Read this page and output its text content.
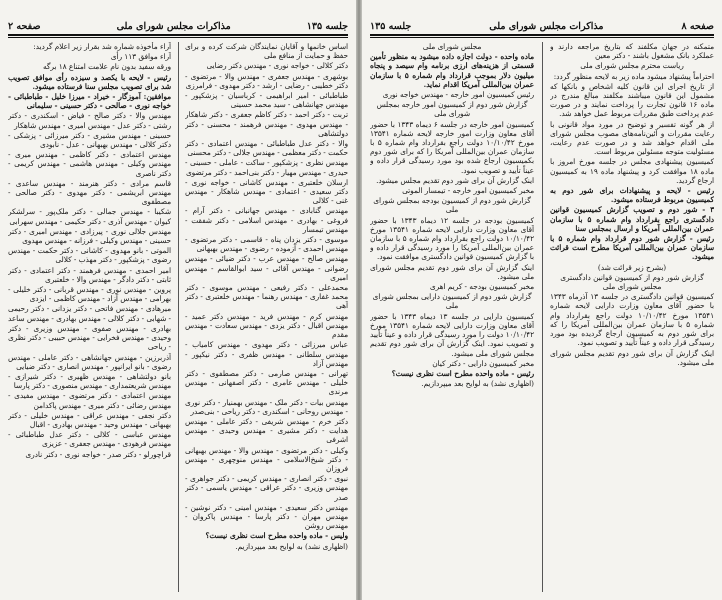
جلسه ۱۳۵
مذاکرات مجلس شورای ملی
صفحه ۲

اساس خانمها و آقایان نمایندگان شرکت کرده و برای حفظ و حمایت از منافع ملی

دکتر کلالی - خواجه نوری - مهندس دکتر رضایی

بوشهری - مهندس جعفری - مهندس والا - مرتضوی - دکتر خطیبی - رضایی - ارشد - دکتر مهدوی - فرامرزی

طباطبائی - امیر ابراهیمی - کرباسیان - پزشکپور - مهندس جهانشاهی - سید محمد حسینی

تربت - دکتر احمد - دکتر کاظم جعفری - دکتر شاهکار - مهندس مهدوی - مهندس فرهمند - محسنی - دکتر دولتشاهی

والا - دکتر عدل طباطبائی - مهندس اعتمادی - دکتر حکمت - دکتر معظمی - مهندس جلالی - دکتر محسنی

مهندس نظری - پزشکپور - ساکت - عاملی - حسینی - حیدری - مهندس مهیار - دکتر بنی‌احمد - دکتر مرتضوی

ارسلان خلعتبری - مهندس کاشانی - خواجه نوری - دکتر سعیدی - اعتمادی - مهندس شاهکار - مهندس غنی - کلالی

مهندس گنابادی - مهندس جهانبانی - دکتر آرام - فروغی - بهادری - مهندس اسلامی - دکتر شفقت - مهندس تیمسار

موسوی - دکتر یزدان پناه - قاسمی - دکتر مرتضوی - مهندس احمدی - آزموده - رضوی - مهندس بهبهانی

مهندس صالح - مهندس عرب - دکتر ضیائی - مهندس رضوانی - مهندس آقائی - سید ابوالقاسم - مهندس امیری

محمدعلی - دکتر رفیعی - مهندس موسوی - دکتر محمد غفاری - مهندس رهنما - مهندس خلعتبری - دکتر آهی

مهندس کرم - مهندس فرید - مهندس دکتر عمید - مهندس اقبال - دکتر یزدی - مهندس سعادت - مهندس مقدم

عباس میرزائی - دکتر مهدوی - مهندس کامیاب - مهندس سلطانی - مهندس ظفری - دکتر نیکپور - مهندس آزاد

تهرانی - مهندس صارمی - دکتر مصطفوی - دکتر خلیلی - مهندس عامری - دکتر اصفهانی - مهندس مرندی

مهندس بیات - دکتر ملک - مهندس بهمنیار - دکتر نوری - مهندس روحانی - اسکندری - دکتر ریاحی - بنی‌صدر

دکتر خرم - مهندس شریفی - دکتر عاملی - مهندس هدایت - دکتر مشیری - مهندس وحیدی - مهندس اشرفی

وکیلی - دکتر مرتضوی - مهندس والا - مهندس بهبهانی - دکتر شیخ‌الاسلامی - مهندس منوچهری - مهندس فروزان

نبوی - دکتر انصاری - مهندس کریمی - دکتر جواهری - مهندس وزیری - دکتر عراقی - مهندس یاسمی - دکتر صدر

مهندس دکتر سعیدی - مهندس امینی - دکتر نوشین - مهندس مهران - دکتر پارسا - مهندس پاکروان - مهندس روشن

ولیس - ماده واحده مطرح است نظری نیست؟

(اظهاری نشد) به لوایح بعد میپردازیم.

آراء مأخوذه شماره شد بقرار زیر اعلام گردید:

آراء موافق ۱۱۳ رأی

ورقه سفید بدون نام علامت امتناع ۱۸ برگه

رئیس - لایحه با یکصد و سیزده رأی موافق تصویب شد برای تصویب مجلس سنا فرستاده میشود.

موافقین: آموزگار - خیراد - میرزا خلیل - طباطبائی - خواجه نوری - صالحی - دکتر حسینی - سلیمانی

مهندس والا - دکتر صالح - فیاض - اسکندری - دکتر رشتی - دکتر عدل - مهندس امیری - مهندس شاهکار

حسینی - مهندس مشیری - دکتر میرزائی - پزشکی - دکتر کلالی - مهندس بهبهانی - عدل - نابودی

مهندس اعتمادی - دکتر کاظمی - مهندس میری - مهندس وکیلی - مهندس هاشمی - مهندس کریمی - دکتر ناصری

قاسم مرادی - دکتر هنرمند - مهندس ساعدی - مهندس ابریشمی - دکتر مهدوی - دکتر صالحی - مصطفوی

شکیبا - مهندس جمالی - دکتر ملک‌پور - سرلشکر کیوان - مهندس آذری - دکتر حکیمی - مهندس سهرابی

مهندس جلالی نوری - پیرزادی - مهندس امیری - دکتر حسینی - مهندس وکیلی - فرزانه - مهندس مهدوی

الموتی - بانو مهدوی - کاشانی - دکتر حکمت - مهندس رضوی - پزشکپور - دکتر مهذب - کلالی

امیر احمدی - مهندس فرهمند - دکتر اعتمادی - دکتر ثابتی - دکتر دادگر - مهندس والا - خلعتبری

پروین - مهندس نوری - مهندس قربانی - دکتر خلیلی - بهرامی - مهندس آزاد - مهندس کاظمی - ایزدی

میرهادی - مهندس فاتحی - دکتر یزدانی - دکتر رحیمی - شهابی - دکتر کلالی - مهندس بهادری - مهندس ساعد

بهادری - مهندس صفوی - مهندس وزیری - دکتر وحیدی - مهندس فخرایی - مهندس حبیبی - دکتر نظری - ریاحی

آذربرزین - مهندس جهانشاهی - دکتر عاملی - مهندس رضوی - بانو ایرانپور - مهندس انصاری - دکتر ضیایی

بانو دولتشاهی - مهندس ظهیری - دکتر شیرازی - مهندس شریعتمداری - مهندس منصوری - دکتر پارسا

مهندس اعتمادی - دکتر مرتضوی - مهندس مفیدی - مهندس رضائی - دکتر میری - مهندس پاکدامن

دکتر نجفی - مهندس عراقی - مهندس خلیلی - دکتر بهبهانی - مهندس وحید - مهندس بهادری - اقبال

مهندس عباسی - کلالی - دکتر عدل طباطبائی - مهندس فرهودی - مهندس جعفری - عزیزی

قراچورلو - دکتر صدر - خواجه نوری - دکتر نادری

صفحه ۸
مذاکرات مجلس شورای ملی
جلسه ۱۳۵

متمکنه در جهان مکلفند که بتاریخ مراجعه دارند و عملکرد بانک مشغول باشند - دکتر معین

ریاست محترم مجلس شورای ملی

احتراماً پیشنهاد میشود ماده زیر به لایحه منظور گردد:

از تاریخ اجرای این قانون کلیه اشخاص و بانکها که مشمول این قانون میباشند مکلفند مبالغ مندرج در ماده ۱۶ قانون تجارت را پرداخت نمایند و در صورت عدم پرداخت طبق مقررات مربوط عمل خواهد شد.

از هر گونه تفسیر و توضیح در مورد مواد قانونی با رعایت مقررات و آئین‌نامه‌های مصوب مجلس شورای ملی اقدام خواهد شد و در صورت عدم رعایت، مسئولیت متوجه مسئولین مربوط است.

کمیسیون پیشنهادی مجلس در جلسه مورخ امروز با ماده ۱۸ موافقت کرد و پیشنهاد ماده ۱۹ به کمیسیون ارجاع گردید.

رئیس - لایحه و پیشنهادات برای شور دوم به کمیسیون مربوط فرستاده میشود.

۳ - شور دوم و تصویب گزارش کمیسیون قوانین دادگستری راجع بقرارداد وام شماره ۵ با سازمان عمران بین‌المللی آمریکا و ارسال بمجلس سنا

رئیس - گزارش شور دوم قرارداد وام شماره ۵ با سازمان عمران بین‌المللی آمریکا مطرح است قرائت میشود.

(بشرح زیر قرائت شد)

گزارش شور دوم از کمیسیون قوانین دادگستری مجلس شورای ملی

کمیسیون قوانین دادگستری در جلسه ۱۳ آذرماه ۱۳۴۳ با حضور آقای معاون وزارت دارایی لایحه شماره ۱۳۵۴۱ مورخ ۱۰/۱۰/۴۲ دولت راجع بقرارداد وام شماره ۵ با سازمان عمران بین‌المللی آمریکا را که برای شور دوم به کمیسیون ارجاع گردیده بود مورد رسیدگی قرار داده و عیناً تأیید و تصویب نمود.

اینک گزارش آن برای شور دوم تقدیم مجلس شورای ملی میشود.

مجلس شورای ملی

ماده واحده - دولت اجازه داده میشود به منظور تأمین قسمتی از هزینه‌های ارزی برنامه وام سیصد و پنجاه میلیون دلار بموجب قرارداد وام شماره ۵ با سازمان عمران بین‌المللی آمریکا اقدام نماید.

رئیس کمیسیون امور خارجه - مهندس خواجه نوری

گزارش شور دوم از کمیسیون امور خارجه بمجلس شورای ملی

کمیسیون امور خارجه در جلسه ۶ دیماه ۱۳۴۳ با حضور آقای معاون وزارت امور خارجه لایحه شماره ۱۳۵۴۱ مورخ ۱۰/۱۰/۴۲ دولت راجع بقرارداد وام شماره ۵ با سازمان عمران بین‌المللی آمریکا را که برای شور دوم بکمیسیون ارجاع شده بود مورد رسیدگی قرار داده و عیناً تأیید و تصویب نمود.

اینک گزارش آن برای شور دوم تقدیم مجلس میشود.

مخبر کمیسیون امور خارجه - تیمسار الموتی

گزارش شور دوم از کمیسیون بودجه بمجلس شورای ملی

کمیسیون بودجه در جلسه ۱۲ دیماه ۱۳۴۳ با حضور آقای معاون وزارت دارایی لایحه شماره ۱۳۵۴۱ مورخ ۱۰/۱۰/۴۲ دولت راجع بقرارداد وام شماره ۵ با سازمان عمران بین‌المللی آمریکا را مورد رسیدگی قرار داده و با گزارش کمیسیون قوانین دادگستری موافقت نمود.

اینک گزارش آن برای شور دوم تقدیم مجلس شورای ملی میشود.

مخبر کمیسیون بودجه - کریم اهری

گزارش شور دوم از کمیسیون دارایی بمجلس شورای ملی

کمیسیون دارایی در جلسه ۱۳ دیماه ۱۳۴۳ با حضور آقای معاون وزارت دارایی لایحه شماره ۱۳۵۴۱ مورخ ۱۰/۱۰/۴۲ دولت را مورد رسیدگی قرار داده و عیناً تأیید و تصویب نمود. اینک گزارش آن برای شور دوم تقدیم مجلس شورای ملی میشود.

مخبر کمیسیون دارایی - دکتر کیان

رئیس - ماده واحده مطرح است نظری نیست؟

(اظهاری نشد) به لوایح بعد میپردازیم.
